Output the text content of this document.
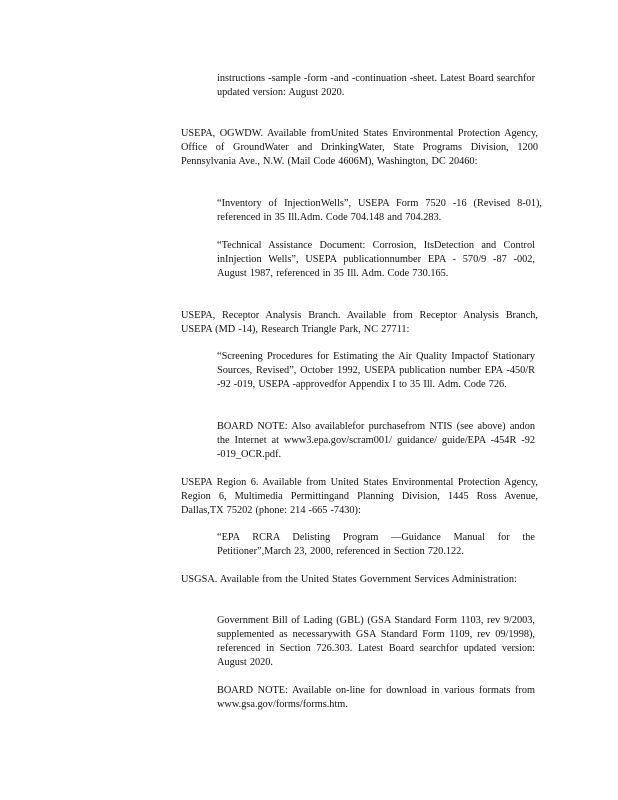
instructions -sample -form -and -continuation -sheet. Latest Board searchfor updated version: August 2020.

USEPA, OGWDW. Available fromUnited States Environmental Protection Agency, Office of GroundWater and DrinkingWater, State Programs Division, 1200 Pennsylvania Ave., N.W. (Mail Code 4606M), Washington, DC 20460:

“Inventory of InjectionWells”, USEPA Form 7520 -16 (Revised 8-01), referenced in 35 Ill.Adm. Code 704.148 and 704.283.

“Technical Assistance Document: Corrosion, ItsDetection and Control inInjection Wells”, USEPA publicationnumber EPA - 570/9 -87 -002, August 1987, referenced in 35 Ill. Adm. Code 730.165.

USEPA, Receptor Analysis Branch. Available from Receptor Analysis Branch, USEPA (MD -14), Research Triangle Park, NC 27711:

“Screening Procedures for Estimating the Air Quality Impactof Stationary Sources, Revised”, October 1992, USEPA publication number EPA -450/R -92 -019, USEPA -approvedfor Appendix I to 35 Ill. Adm. Code 726.

BOARD NOTE: Also availablefor purchasefrom NTIS (see above) andon the Internet at www3.epa.gov/scram001/ guidance/ guide/EPA -454R -92 -019_OCR.pdf.

USEPA Region 6. Available from United States Environmental Protection Agency, Region 6, Multimedia Permittingand Planning Division, 1445 Ross Avenue, Dallas,TX 75202 (phone: 214 -665 -7430):

“EPA RCRA Delisting Program —Guidance Manual for the Petitioner”,March 23, 2000, referenced in Section 720.122.

USGSA. Available from the United States Government Services Administration:

Government Bill of Lading (GBL) (GSA Standard Form 1103, rev 9/2003, supplemented as necessarywith GSA Standard Form 1109, rev 09/1998), referenced in Section 726.303. Latest Board searchfor updated version: August 2020.

BOARD NOTE: Available on-line for download in various formats from www.gsa.gov/forms/forms.htm.
